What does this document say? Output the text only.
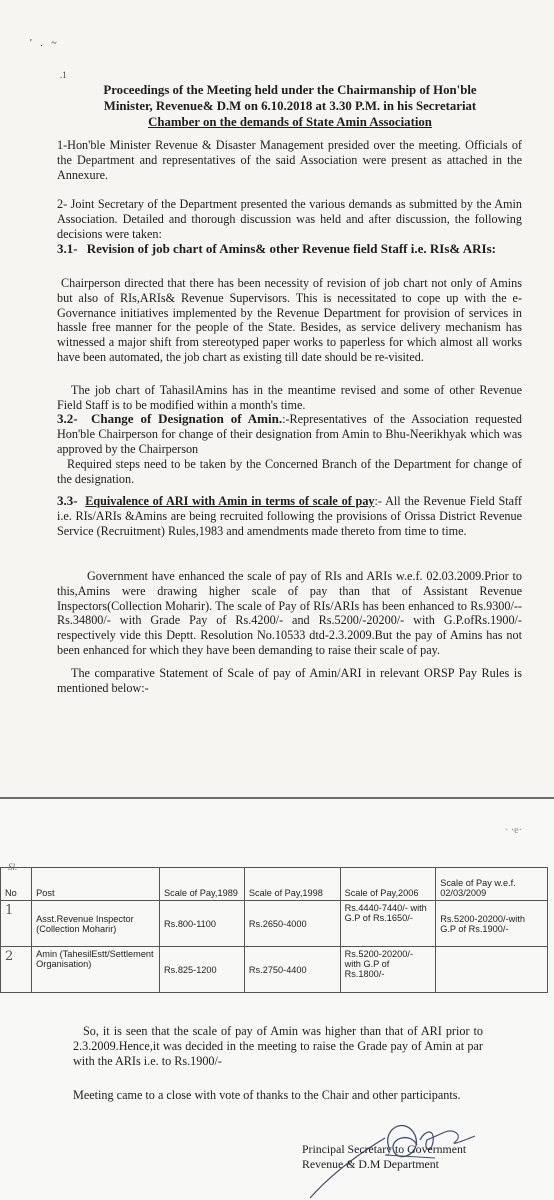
' . ~
.1
Proceedings of the Meeting held under the Chairmanship of Hon'ble
Minister, Revenue& D.M on 6.10.2018 at 3.30 P.M. in his Secretariat
Chamber on the demands of State Amin Association

1-Hon'ble Minister Revenue & Disaster Management presided over the meeting. Officials of the Department and representatives of the said Association were present as attached in the Annexure.

2- Joint Secretary of the Department presented the various demands as submitted by the Amin Association. Detailed and thorough discussion was held and after discussion, the following decisions were taken:

3.1- Revision of job chart of Amins& other Revenue field Staff i.e. RIs& ARIs:

Chairperson directed that there has been necessity of revision of job chart not only of Amins but also of RIs,ARIs& Revenue Supervisors. This is necessitated to cope up with the e-Governance initiatives implemented by the Revenue Department for provision of services in hassle free manner for the people of the State. Besides, as service delivery mechanism has witnessed a major shift from stereotyped paper works to paperless for which almost all works have been automated, the job chart as existing till date should be re-visited.

The job chart of TahasilAmins has in the meantime revised and some of other Revenue Field Staff is to be modified within a month's time.

3.2- Change of Designation of Amin.:-Representatives of the Association requested Hon'ble Chairperson for change of their designation from Amin to Bhu-Neerikhyak which was approved by the Chairperson

Required steps need to be taken by the Concerned Branch of the Department for change of the designation.

3.3- Equivalence of ARI with Amin in terms of scale of pay:- All the Revenue Field Staff i.e. RIs/ARIs &Amins are being recruited following the provisions of Orissa District Revenue Service (Recruitment) Rules,1983 and amendments made thereto from time to time.

Government have enhanced the scale of pay of RIs and ARIs w.e.f. 02.03.2009.Prior to this,Amins were drawing higher scale of pay than that of Assistant Revenue Inspectors(Collection Moharir). The scale of Pay of RIs/ARIs has been enhanced to Rs.9300/--Rs.34800/- with Grade Pay of Rs.4200/- and Rs.5200/-20200/- with G.P.ofRs.1900/- respectively vide this Deptt. Resolution No.10533 dtd-2.3.2009.But the pay of Amins has not been enhanced for which they have been demanding to raise their scale of pay.

The comparative Statement of Scale of pay of Amin/ARI in relevant ORSP Pay Rules is mentioned below:-

· ·e·
Sl.
No	Post	Scale of Pay,1989	Scale of Pay,1998	Scale of Pay,2006	Scale of Pay w.e.f. 02/03/2009
1	Asst.Revenue Inspector (Collection Moharir)	Rs.800-1100	Rs.2650-4000	Rs.4440-7440/- with G.P of Rs.1650/-	Rs.5200-20200/-with G.P of Rs.1900/-
2	Amin (TahesilEstt/Settlement Organisation)	Rs.825-1200	Rs.2750-4400	Rs.5200-20200/- with G.P of Rs.1800/-	

So, it is seen that the scale of pay of Amin was higher than that of ARI prior to 2.3.2009.Hence,it was decided in the meeting to raise the Grade pay of Amin at par with the ARIs i.e. to Rs.1900/-

Meeting came to a close with vote of thanks to the Chair and other participants.

Principal Secretary to Government
Revenue & D.M Department
